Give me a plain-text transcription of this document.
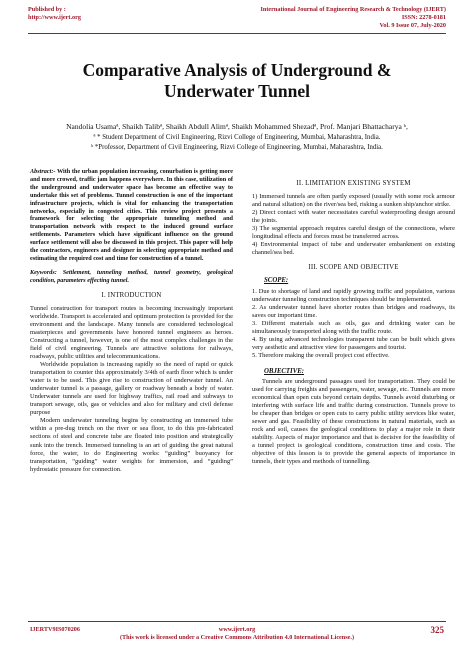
Published by :
http://www.ijert.org
International Journal of Engineering Research & Technology (IJERT)
ISSN: 2278-0181
Vol. 9 Issue 07, July-2020
Comparative Analysis of Underground &
Underwater Tunnel
Nandolia Usamaª, Shaikh Talibª, Shaikh Abdull Alimª, Shaikh Mohammed Shezadª, Prof. Manjari Bhattacharya ᵇ,
ª * Student Department of Civil Engineering, Rizvi College of Engineering, Mumbai, Maharashtra, India.
ᵇ *Professor, Department of Civil Engineering, Rizvi College of Engineering, Mumbai, Maharashtra, India.

Abstract:- With the urban population increasing, conurbation is getting more and more crowed, traffic jam happens everywhere. In this case, utilization of the underground and underwater space has become an effective way to undertake this set of problems. Tunnel construction is one of the important infrastructure projects, which is vital for enhancing the transportation networks, especially in congested cities. This review project presents a framework for selecting the appropriate tunneling method and transportation network with respect to the induced ground surface settlements. Parameters which have significant influence on the ground surface settlement will also be discussed in this project. This paper will help the contractors, engineers and designer in selecting appropriate method and estimating the required cost and time for construction of a tunnel.

Keywords: Settlement, tunneling method, tunnel geometry, geological condition, parameters effecting tunnel.

I. INTRODUCTION

Tunnel construction for transport routes is becoming increasingly important worldwide. Transport is accelerated and optimum protection is provided for the environment and the landscape. Many tunnels are considered technological masterpieces and governments have honored tunnel engineers as heroes. Constructing a tunnel, however, is one of the most complex challenges in the field of civil engineering. Tunnels are attractive solutions for railways, roadways, public utilities and telecommunications.

Worldwide population is increasing rapidly so the need of rapid or quick transportation to counter this approximately 3/4th of earth floor which is under water is to be used. This give rise to construction of underwater tunnel. An underwater tunnel is a passage, gallery or roadway beneath a body of water. Underwater tunnels are used for highway traffics, rail road and subways to transport sewage, oils, gas or vehicles and also for military and civil defense purpose

Modern underwater tunneling begins by constructing an immersed tube within a pre-dug trench on the river or sea floor, to do this pre-fabricated sections of steel and concrete tube are floated into position and strategically sunk into the trench. Immersed tunneling is an art of guiding the great natural force, the water, to do Engineering works: “guiding” buoyancy for transportation, “guiding” water weights for immersion, and “guiding” hydrostatic pressure for connection.

II. LIMITATION EXISTING SYSTEM

1) Immersed tunnels are often partly exposed (usually with some rock armour and natural siltation) on the river/sea bed, risking a sunken ship/anchor strike.

2) Direct contact with water necessitates careful waterproofing design around the joints.

3) The segmental approach requires careful design of the connections, where longitudinal effects and forces must be transferred across.

4) Environmental impact of tube and underwater embankment on existing channel/sea bed.

III. SCOPE AND OBJECTIVE

SCOPE:

1. Due to shortage of land and rapidly growing traffic and population, various underwater tunneling construction techniques should be implemented.

2. As underwater tunnel have shorter routes than bridges and roadways, its saves our important time.

3. Different materials such as oils, gas and drinking water can be simultaneously transported along with the traffic route.

4. By using advanced technologies transparent tube can be built which gives very aesthetic and attractive view for passengers and tourist.

5. Therefore making the overall project cost effective.

OBJECTIVE:

Tunnels are underground passages used for transportation. They could be used for carrying freights and passengers, water, sewage, etc. Tunnels are more economical than open cuts beyond certain depths. Tunnels avoid disturbing or interfering with surface life and traffic during construction. Tunnels prove to be cheaper than bridges or open cuts to carry public utility services like water, sewer and gas. Feasibility of these constructions in natural materials, such as rock and soil, causes the geological conditions to play a major role in their stability. Aspects of major importance and that is decisive for the feasibility of a tunnel project is geological conditions, construction time and costs. The objective of this lesson is to provide the general aspects of importance in tunnels, their types and methods of tunnelling.

IJERTV9IS070206	www.ijert.org
(This work is licensed under a Creative Commons Attribution 4.0 International License.)
325
